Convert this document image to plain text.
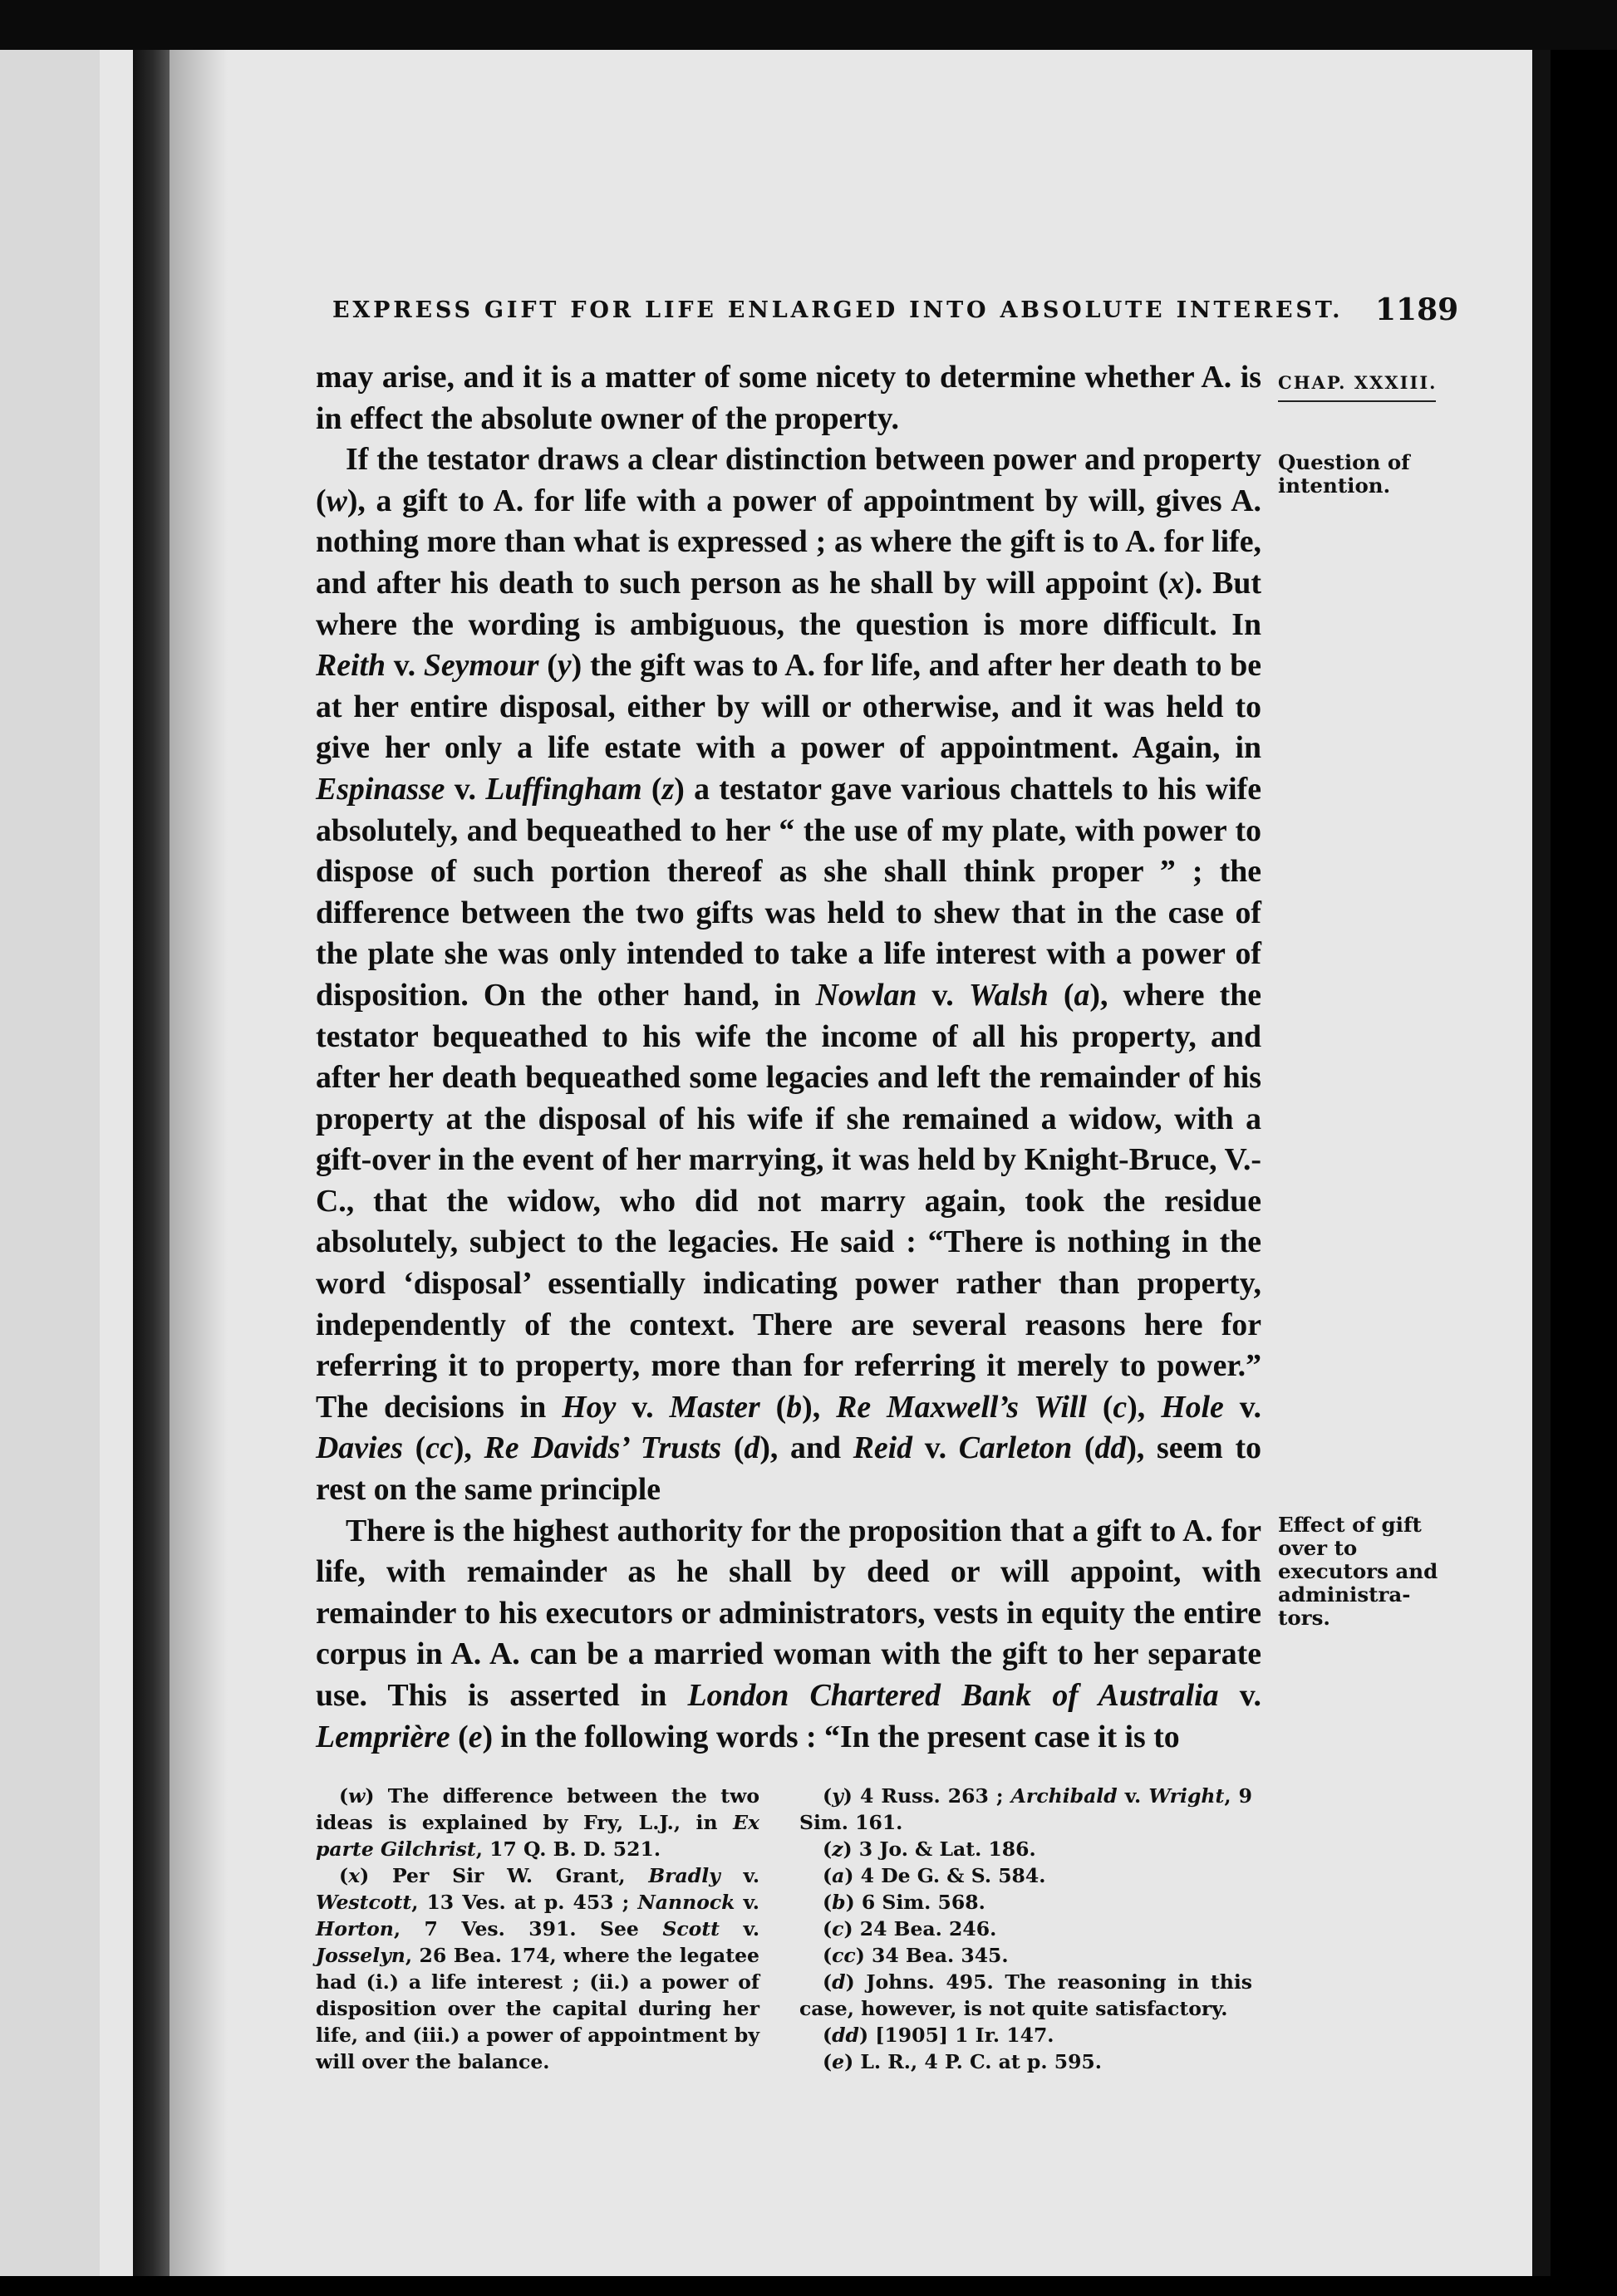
EXPRESS GIFT FOR LIFE ENLARGED INTO ABSOLUTE INTEREST. 1189
CHAP. XXXIII.
Question of
intention.
Effect of gift
over to
executors and
administra-
tors.

may arise, and it is a matter of some nicety to determine whether A. is in effect the absolute owner of the property.

If the testator draws a clear distinction between power and property (w), a gift to A. for life with a power of appointment by will, gives A. nothing more than what is expressed ; as where the gift is to A. for life, and after his death to such person as he shall by will appoint (x). But where the wording is ambiguous, the question is more difficult. In Reith v. Seymour (y) the gift was to A. for life, and after her death to be at her entire disposal, either by will or otherwise, and it was held to give her only a life estate with a power of appointment. Again, in Espinasse v. Luffingham (z) a testator gave various chattels to his wife absolutely, and bequeathed to her “ the use of my plate, with power to dispose of such portion thereof as she shall think proper ” ; the difference between the two gifts was held to shew that in the case of the plate she was only intended to take a life interest with a power of disposition. On the other hand, in Nowlan v. Walsh (a), where the testator bequeathed to his wife the income of all his property, and after her death bequeathed some legacies and left the remainder of his property at the disposal of his wife if she remained a widow, with a gift-over in the event of her marrying, it was held by Knight-Bruce, V.-C., that the widow, who did not marry again, took the residue absolutely, subject to the legacies. He said : “There is nothing in the word ‘disposal’ essentially indicating power rather than property, independently of the context. There are several reasons here for referring it to property, more than for referring it merely to power.” The decisions in Hoy v. Master (b), Re Maxwell’s Will (c), Hole v. Davies (cc), Re Davids’ Trusts (d), and Reid v. Carleton (dd), seem to rest on the same principle

There is the highest authority for the proposition that a gift to A. for life, with remainder as he shall by deed or will appoint, with remainder to his executors or administrators, vests in equity the entire corpus in A. A. can be a married woman with the gift to her separate use. This is asserted in London Chartered Bank of Australia v. Lemprière (e) in the following words : “In the present case it is to

(w) The difference between the two ideas is explained by Fry, L.J., in Ex parte Gilchrist, 17 Q. B. D. 521.

(x) Per Sir W. Grant, Bradly v. Westcott, 13 Ves. at p. 453 ; Nannock v. Horton, 7 Ves. 391. See Scott v. Josselyn, 26 Bea. 174, where the legatee had (i.) a life interest ; (ii.) a power of disposition over the capital during her life, and (iii.) a power of appointment by will over the balance.

(y) 4 Russ. 263 ; Archibald v. Wright, 9 Sim. 161.

(z) 3 Jo. & Lat. 186.

(a) 4 De G. & S. 584.

(b) 6 Sim. 568.

(c) 24 Bea. 246.

(cc) 34 Bea. 345.

(d) Johns. 495. The reasoning in this case, however, is not quite satisfactory.

(dd) [1905] 1 Ir. 147.

(e) L. R., 4 P. C. at p. 595.
